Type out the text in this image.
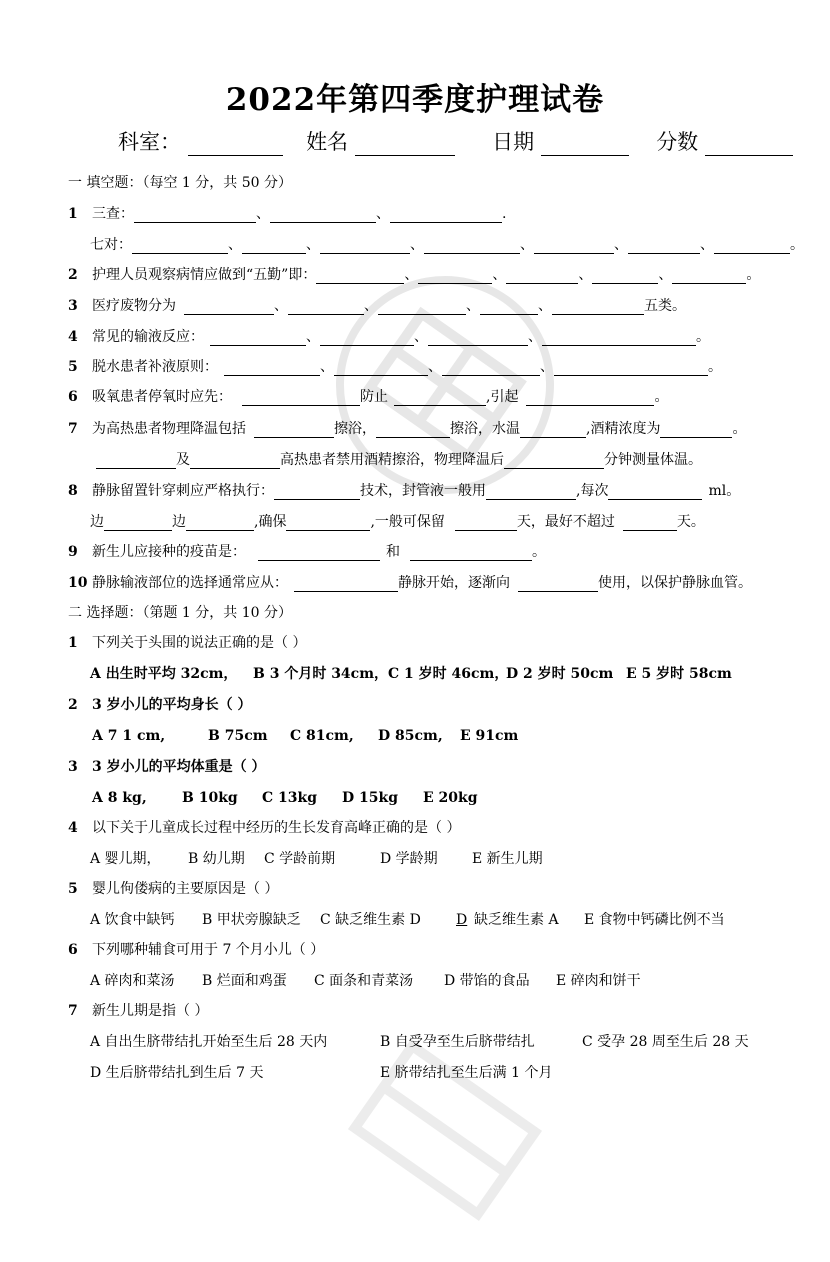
2022年第四季度护理试卷
科室：	姓名	日期	分数
一 填空题：（每空 1 分，共 50 分）
1 三查：	、	、	.
七对：	、	、	、	、	、	、	。
2 护理人员观察病情应做到“五勤”即：	、	、	、	、	。
3 医疗废物分为	、	、	、	、	五类。
4 常见的输液反应：	、	、	、	。
5 脱水患者补液原则：	、	、	、	。
6 吸氧患者停氧时应先：	防止	,引起	。
7 为高热患者物理降温包括	擦浴，	擦浴，水温	,酒精浓度为	。
及	高热患者禁用酒精擦浴，物理降温后	分钟测量体温。
8 静脉留置针穿刺应严格执行：	技术，封管液一般用	,每次	ml。
边	边	,确保	,一般可保留	天，最好不超过	天。
9 新生儿应接种的疫苗是：	和	。
10 静脉输液部位的选择通常应从：	静脉开始，逐渐向	使用，以保护静脉血管。
二 选择题：（第题 1 分，共 10 分）
1 下列关于头围的说法正确的是（ ）
A 出生时平均 32cm， B 3 个月时 34cm， C 1 岁时 46cm，
D 2 岁时 50cm E 5 岁时 58cm
2 3 岁小儿的平均身长（ ）
A 7 1 cm,	B 75cm C 81cm, D 85cm, E 91cm
3 3 岁小儿的平均体重是（ ）
A 8 kg,	B 10kg C 13kg D 15kg E 20kg
4 以下关于儿童成长过程中经历的生长发育高峰正确的是（ ）
A 婴儿期， B 幼儿期 C 学龄前期	D 学龄期 E 新生儿期
5 婴儿佝偻病的主要原因是（ ）
A 饮食中缺钙 B 甲状旁腺缺乏 C 缺乏维生素 D	D 缺乏维生素 A E 食物中钙磷比例不当
6 下列哪种辅食可用于 7 个月小儿（ ）
A 碎肉和菜汤 B 烂面和鸡蛋 C 面条和青菜汤 D 带馅的食品 E 碎肉和饼干
7 新生儿期是指（ ）
A 自出生脐带结扎开始至生后 28 天内	B 自受孕至生后脐带结扎	C 受孕 28 周至生后 28 天
D 生后脐带结扎到生后 7 天	E 脐带结扎至生后满 1 个月
